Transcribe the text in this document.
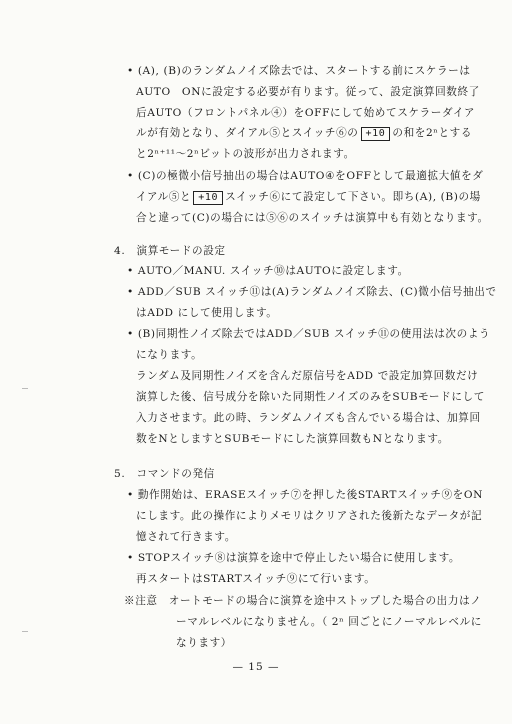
• (A), (B)のランダムノイズ除去では、スタートする前にスケラーは
AUTO　ONに設定する必要が有ります。従って、設定演算回数終了
后AUTO（フロントパネル④）をOFFにして始めてスケラーダイア
ルが有効となり、ダイアル⑤とスイッチ⑥の +10 の和を2ⁿとする
と2ⁿ⁺¹¹～2ⁿビットの波形が出力されます。
• (C)の極微小信号抽出の場合はAUTO④をOFFとして最適拡大値をダ
イアル⑤と +10 スイッチ⑥にて設定して下さい。即ち(A), (B)の場
合と違って(C)の場合には⑤⑥のスイッチは演算中も有効となります。
4.　演算モードの設定
• AUTO／MANU. スイッチ⑩はAUTOに設定します。
• ADD／SUB スイッチ⑪は(A)ランダムノイズ除去、(C)微小信号抽出で
はADD にして使用します。
• (B)同期性ノイズ除去ではADD／SUB スイッチ⑪の使用法は次のよう
になります。
ランダム及同期性ノイズを含んだ原信号をADD で設定加算回数だけ
演算した後、信号成分を除いた同期性ノイズのみをSUBモードにして
入力させます。此の時、ランダムノイズも含んでいる場合は、加算回
数をNとしますとSUBモードにした演算回数もNとなります。
5.　コマンドの発信
• 動作開始は、ERASEスイッチ⑦を押した後STARTスイッチ⑨をON
にします。此の操作によりメモリはクリアされた後新たなデータが記
憶されて行きます。
• STOPスイッチ⑧は演算を途中で停止したい場合に使用します。
再スタートはSTARTスイッチ⑨にて行います。
※注意　オートモードの場合に演算を途中ストップした場合の出力はノ
ーマルレベルになりません。（ 2ⁿ 回ごとにノーマルレベルに
なります）
— 15 —
